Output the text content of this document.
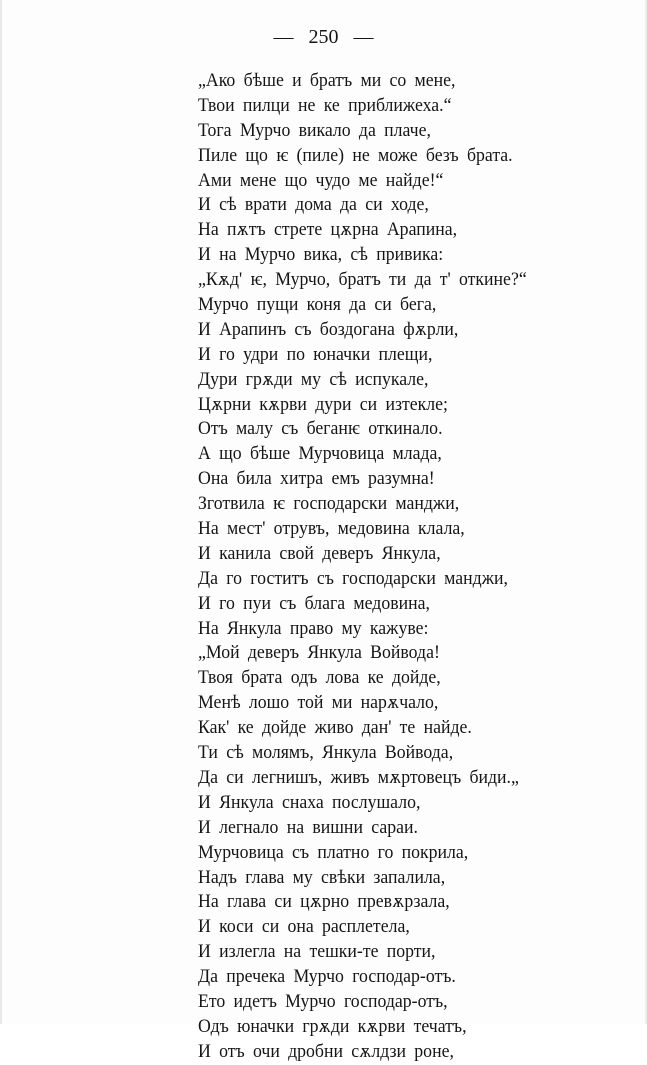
— 250 —
„Ако бѣше и братъ ми со мене,
Твои пилци не ке приближеха.“
Тога Мурчо викало да плаче,
Пиле що ѥ (пиле) не може безъ брата.
Ами мене що чудо ме найде!“
И сѣ врати дома да си ходе,
На пѫтъ стрете цѫрна Арапина,
И на Мурчо вика, сѣ привика:
„Кѫд' ѥ, Мурчо, братъ ти да т' откине?“
Мурчо пущи коня да си бега,
И Арапинъ съ боздогана фѫрли,
И го удри по юначки плещи,
Дури грѫди му сѣ испукале,
Цѫрни кѫрви дури си изтекле;
Отъ малу съ беганѥ откинало.
А що бѣше Мурчовица млада,
Она била хитра емъ разумна!
Зготвила ѥ господарски манджи,
На мест' отрувъ, медовина клала,
И канила свой деверъ Янкула,
Да го гоститъ съ господарски манджи,
И го пуи съ блага медовина,
На Янкула право му кажуве:
„Мой деверъ Янкула Войвода!
Твоя брата одъ лова ке дойде,
Менѣ лошо той ми нарѫчало,
Как' ке дойде живо дан' те найде.
Ти сѣ молямъ, Янкула Войвода,
Да си легнишъ, живъ мѫртовецъ биди.„
И Янкула снаха послушало,
И легнало на вишни сараи.
Мурчовица съ платно го покрила,
Надъ глава му свѣки запалила,
На глава си цѫрно превѫрзала,
И коси си она расплетела,
И излегла на тешки-те порти,
Да пречека Мурчо господар-отъ.
Ето идетъ Мурчо господар-отъ,
Одъ юначки грѫди кѫрви течатъ,
И отъ очи дробни сѫлдзи роне,
